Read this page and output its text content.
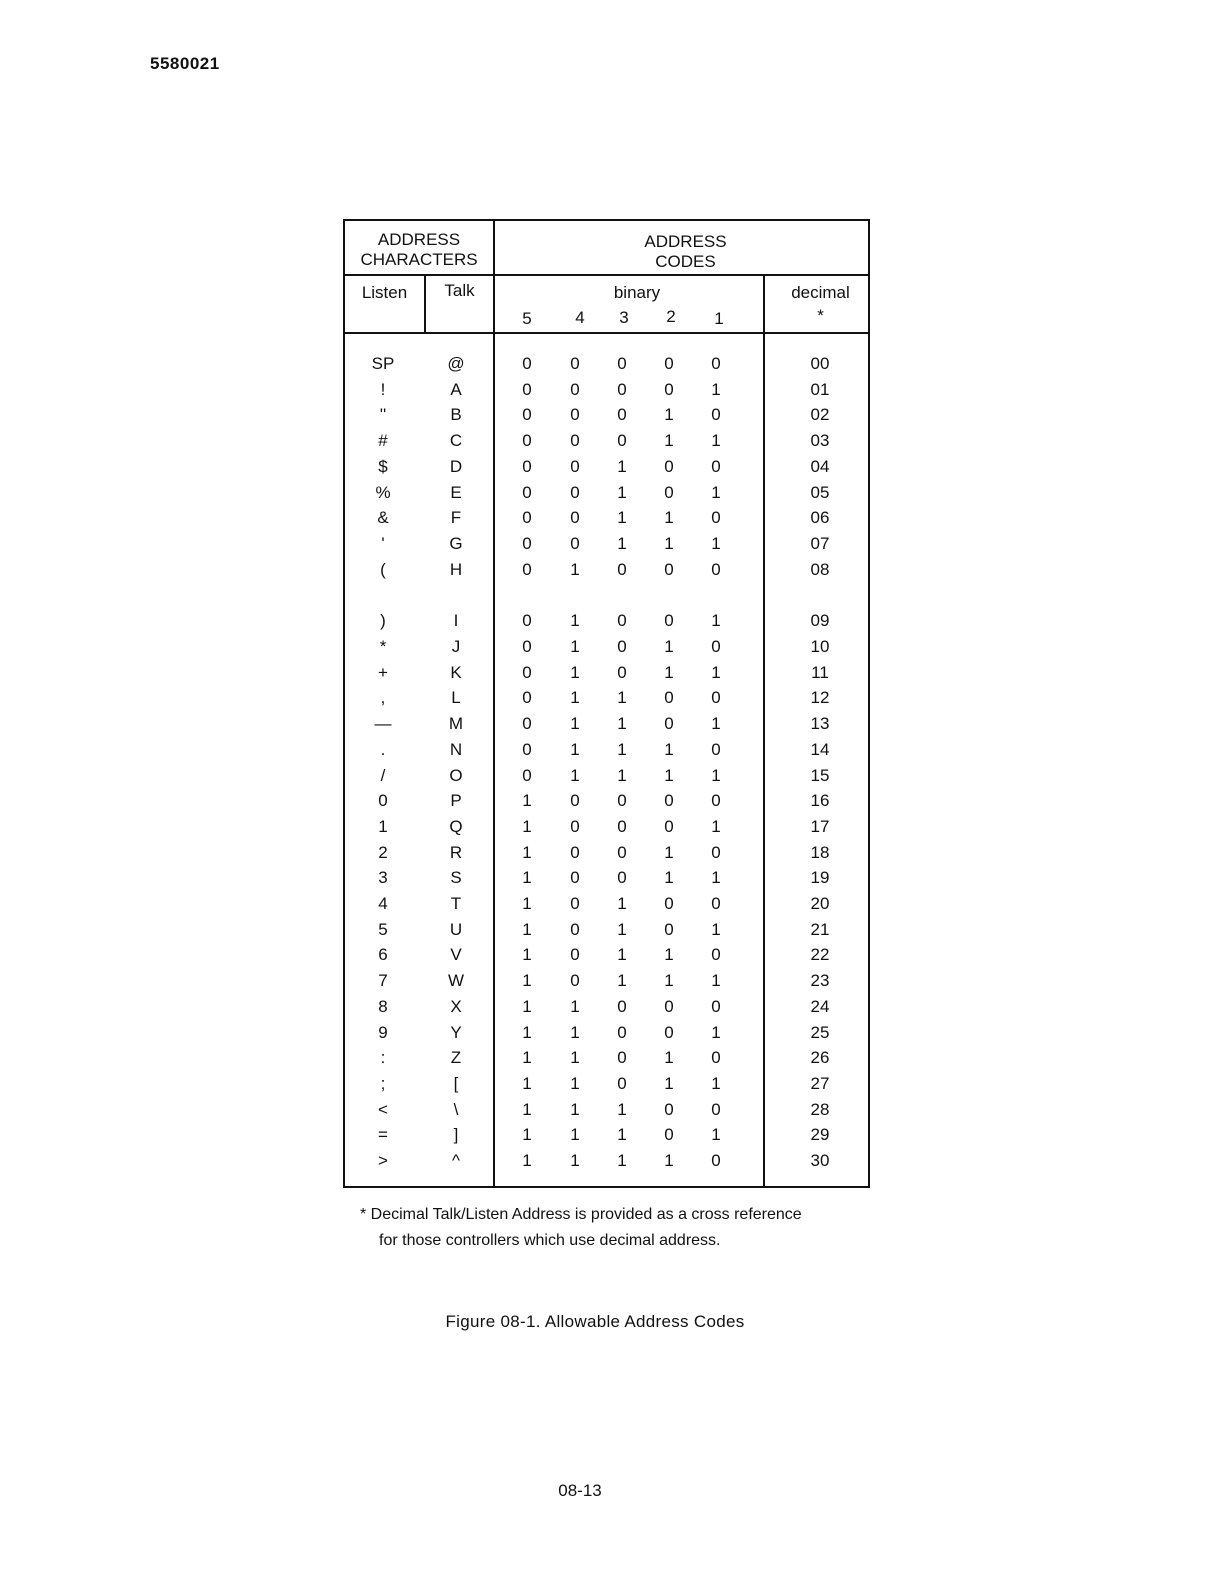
5580021
ADDRESS
CHARACTERS
ADDRESS
CODES
Listen	Talk	binary	decimal
*
5	4	3	2	1
SP	@	0	0	0	0	0	00
!	A	0	0	0	0	1	01
''	B	0	0	0	1	0	02
#	C	0	0	0	1	1	03
$	D	0	0	1	0	0	04
%	E	0	0	1	0	1	05
&	F	0	0	1	1	0	06
'	G	0	0	1	1	1	07
(	H	0	1	0	0	0	08
)	I	0	1	0	0	1	09
*	J	0	1	0	1	0	10
+	K	0	1	0	1	1	11
,	L	0	1	1	0	0	12
—	M	0	1	1	0	1	13
.	N	0	1	1	1	0	14
/	O	0	1	1	1	1	15
0	P	1	0	0	0	0	16
1	Q	1	0	0	0	1	17
2	R	1	0	0	1	0	18
3	S	1	0	0	1	1	19
4	T	1	0	1	0	0	20
5	U	1	0	1	0	1	21
6	V	1	0	1	1	0	22
7	W	1	0	1	1	1	23
8	X	1	1	0	0	0	24
9	Y	1	1	0	0	1	25
:	Z	1	1	0	1	0	26
;	[	1	1	0	1	1	27
<	\	1	1	1	0	0	28
=	]	1	1	1	0	1	29
>	^	1	1	1	1	0	30
* Decimal Talk/Listen Address is provided as a cross reference
for those controllers which use decimal address.
Figure 08-1. Allowable Address Codes
08-13
